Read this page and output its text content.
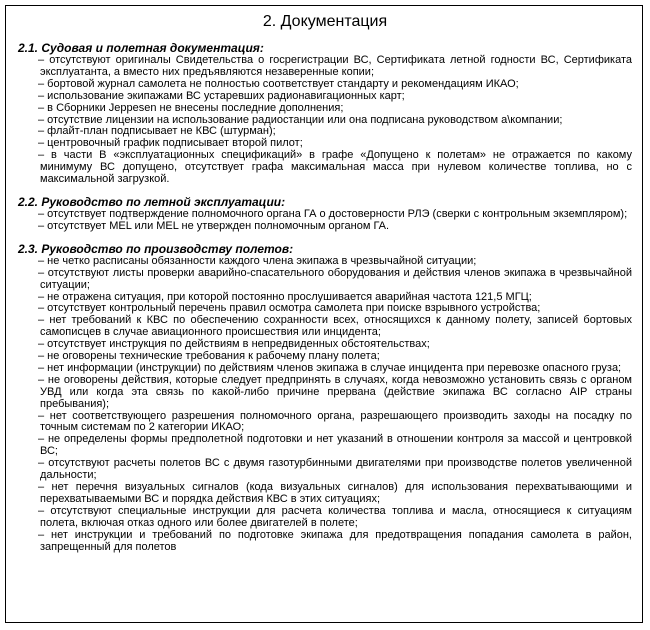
2. Документация
2.1. Судовая и полетная документация:
– отсутствуют оригиналы Свидетельства о госрегистрации ВС, Сертификата летной годности ВС, Сертификата эксплуатанта, а вместо них предъявляются незаверенные копии;
– бортовой журнал самолета не полностью соответствует стандарту и рекомендациям ИКАО;
– использование экипажами ВС устаревших радионавигационных карт;
– в Сборники Jeppesen не внесены последние дополнения;
– отсутствие лицензии на использование радиостанции или она подписана руководством а\компании;
– флайт-план подписывает не КВС (штурман);
– центровочный график подписывает второй пилот;
– в части В «эксплуатационных спецификаций» в графе «Допущено к полетам» не отражается по какому минимуму ВС допущено, отсутствует графа максимальная масса при нулевом количестве топлива, но с максимальной загрузкой.
2.2. Руководство по летной эксплуатации:
– отсутствует подтверждение полномочного органа ГА о достоверности РЛЭ (сверки с контрольным экземпляром);
– отсутствует MEL или MEL не утвержден полномочным органом ГА.
2.3. Руководство по производству полетов:
– не четко расписаны обязанности каждого члена экипажа в чрезвычайной ситуации;
– отсутствуют листы проверки аварийно-спасательного оборудования и действия членов экипажа в чрезвычайной ситуации;
– не отражена ситуация, при которой постоянно прослушивается аварийная частота 121,5 МГЦ;
– отсутствует контрольный перечень правил осмотра самолета при поиске взрывного устройства;
– нет требований к КВС по обеспечению сохранности всех, относящихся к данному полету, записей бортовых самописцев в случае авиационного происшествия или инцидента;
– отсутствует инструкция по действиям в непредвиденных обстоятельствах;
– не оговорены технические требования к рабочему плану полета;
– нет информации (инструкции) по действиям членов экипажа в случае инцидента при перевозке опасного груза;
– не оговорены действия, которые следует предпринять в случаях, когда невозможно установить связь с органом УВД или когда эта связь по какой-либо причине прервана (действие экипажа ВС согласно AIP страны пребывания);
– нет соответствующего разрешения полномочного органа, разрешающего производить заходы на посадку по точным системам по 2 категории ИКАО;
– не определены формы предполетной подготовки и нет указаний в отношении контроля за массой и центровкой ВС;
– отсутствуют расчеты полетов ВС с двумя газотурбинными двигателями при производстве полетов увеличенной дальности;
– нет перечня визуальных сигналов (кода визуальных сигналов) для использования перехватывающими и перехватываемыми ВС и порядка действия КВС в этих ситуациях;
– отсутствуют специальные инструкции для расчета количества топлива и масла, относящиеся к ситуациям полета, включая отказ одного или более двигателей в полете;
– нет инструкции и требований по подготовке экипажа для предотвращения попадания самолета в район, запрещенный для полетов
